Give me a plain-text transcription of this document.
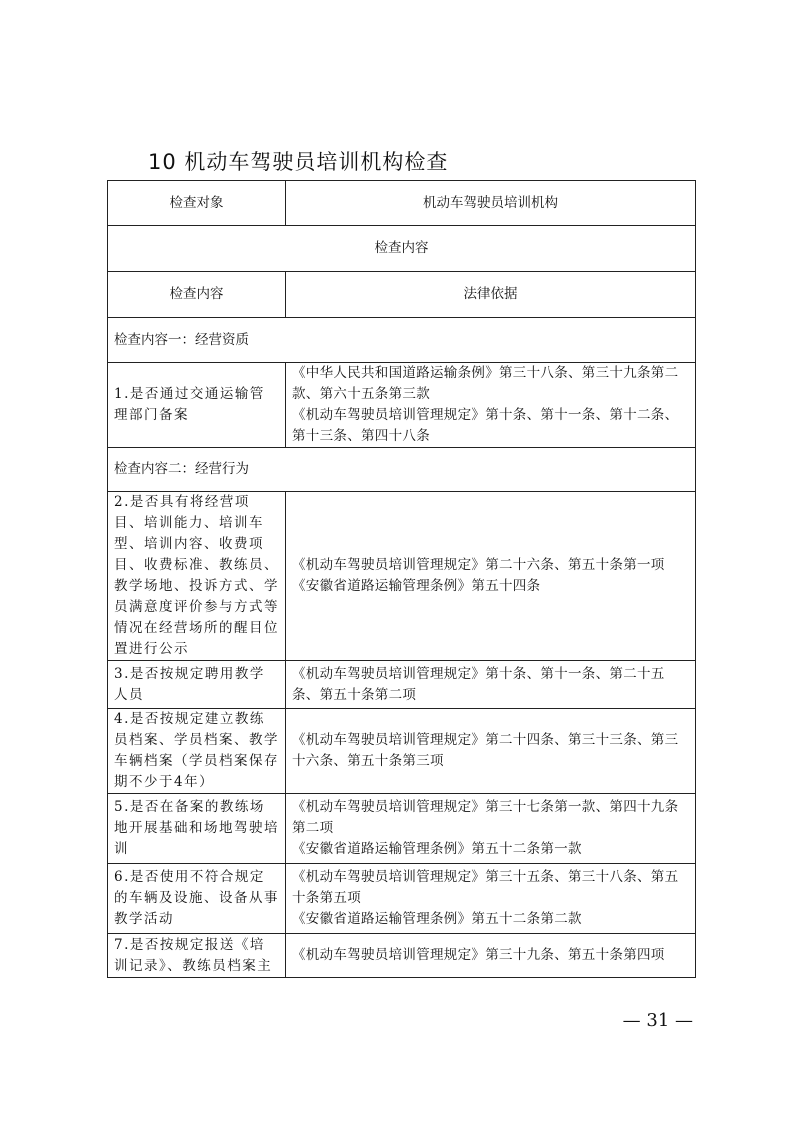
10 机动车驾驶员培训机构检查
检查对象	机动车驾驶员培训机构
检查内容	
检查内容	法律依据
检查内容一：经营资质	
1.是否通过交通运输管理部门备案	《中华人民共和国道路运输条例》第三十八条、第三十九条第二款、第六十五条第三款
《机动车驾驶员培训管理规定》第十条、第十一条、第十二条、第十三条、第四十八条

检查内容二：经营行为	
2.是否具有将经营项目、培训能力、培训车型、培训内容、收费项目、收费标准、教练员、教学场地、投诉方式、学员满意度评价参与方式等情况在经营场所的醒目位置进行公示	《机动车驾驶员培训管理规定》第二十六条、第五十条第一项
《安徽省道路运输管理条例》第五十四条

3.是否按规定聘用教学人员	《机动车驾驶员培训管理规定》第十条、第十一条、第二十五条、第五十条第二项

4.是否按规定建立教练员档案、学员档案、教学车辆档案（学员档案保存期不少于4年）	《机动车驾驶员培训管理规定》第二十四条、第三十三条、第三十六条、第五十条第三项

5.是否在备案的教练场地开展基础和场地驾驶培训	《机动车驾驶员培训管理规定》第三十七条第一款、第四十九条第二项
《安徽省道路运输管理条例》第五十二条第一款

6.是否使用不符合规定的车辆及设施、设备从事教学活动	《机动车驾驶员培训管理规定》第三十五条、第三十八条、第五十条第五项
《安徽省道路运输管理条例》第五十二条第二款

7.是否按规定报送《培训记录》、教练员档案主	《机动车驾驶员培训管理规定》第三十九条、第五十条第四项
— 31 —
